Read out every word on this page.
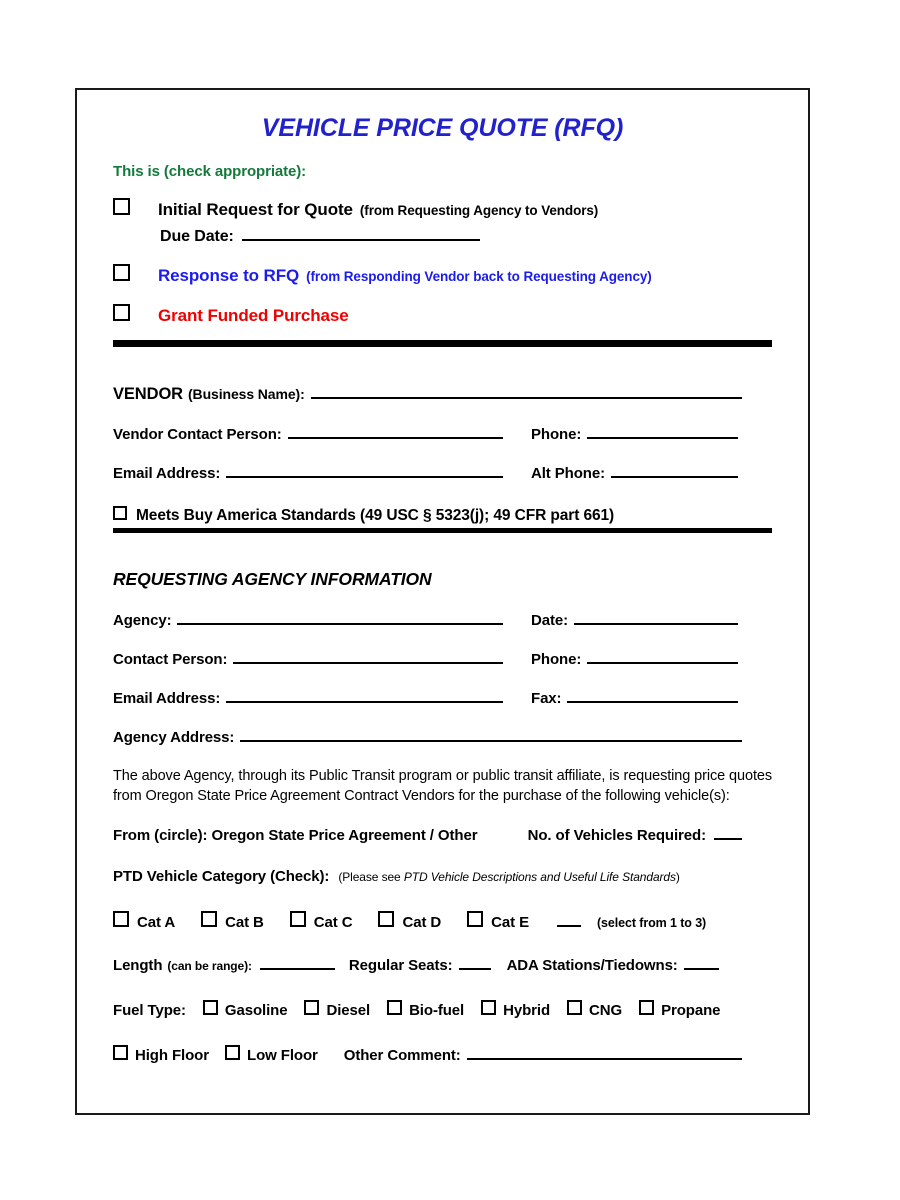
VEHICLE PRICE QUOTE (RFQ)
This is (check appropriate):
Initial Request for Quote (from Requesting Agency to Vendors)
Due Date:
Response to RFQ (from Responding Vendor back to Requesting Agency)
Grant Funded Purchase
VENDOR (Business Name):
Vendor Contact Person:	Phone:
Email Address:	Alt Phone:
Meets Buy America Standards (49 USC § 5323(j); 49 CFR part 661)
REQUESTING AGENCY INFORMATION
Agency:	Date:
Contact Person:	Phone:
Email Address:	Fax:
Agency Address:
The above Agency, through its Public Transit program or public transit affiliate, is requesting price quotes from Oregon State Price Agreement Contract Vendors for the purchase of the following vehicle(s):
From (circle): Oregon State Price Agreement / Other	No. of Vehicles Required:
PTD Vehicle Category (Check): (Please see PTD Vehicle Descriptions and Useful Life Standards)
Cat A	Cat B	Cat C	Cat D	Cat E	(select from 1 to 3)
Length (can be range):	Regular Seats:	ADA Stations/Tiedowns:
Fuel Type:	Gasoline	Diesel	Bio-fuel	Hybrid	CNG	Propane
High Floor	Low Floor Other Comment:
